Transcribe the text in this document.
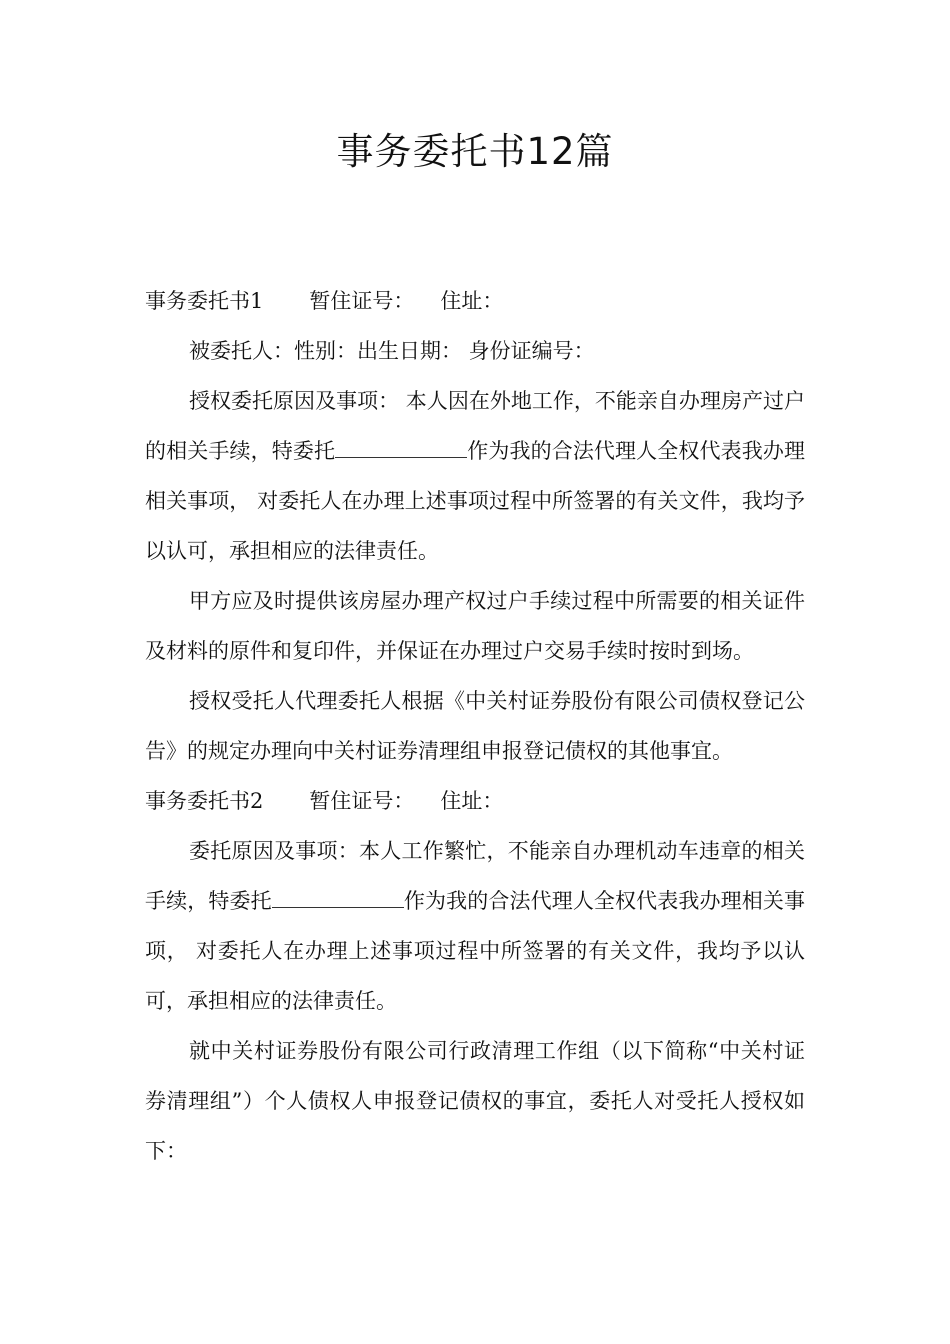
事务委托书12篇

事务委托书1 暂住证号： 住址：

被委托人：性别：出生日期： 身份证编号：

授权委托原因及事项： 本人因在外地工作，不能亲自办理房产过户的相关手续，特委托	作为我的合法代理人全权代表我办理相关事项， 对委托人在办理上述事项过程中所签署的有关文件，我均予以认可，承担相应的法律责任。

甲方应及时提供该房屋办理产权过户手续过程中所需要的相关证件及材料的原件和复印件，并保证在办理过户交易手续时按时到场。

授权受托人代理委托人根据《中关村证券股份有限公司债权登记公告》的规定办理向中关村证券清理组申报登记债权的其他事宜。

事务委托书2 暂住证号： 住址：

委托原因及事项：本人工作繁忙，不能亲自办理机动车违章的相关手续，特委托	作为我的合法代理人全权代表我办理相关事项， 对委托人在办理上述事项过程中所签署的有关文件，我均予以认可，承担相应的法律责任。

就中关村证券股份有限公司行政清理工作组（以下简称“中关村证券清理组”）个人债权人申报登记债权的事宜，委托人对受托人授权如下：
